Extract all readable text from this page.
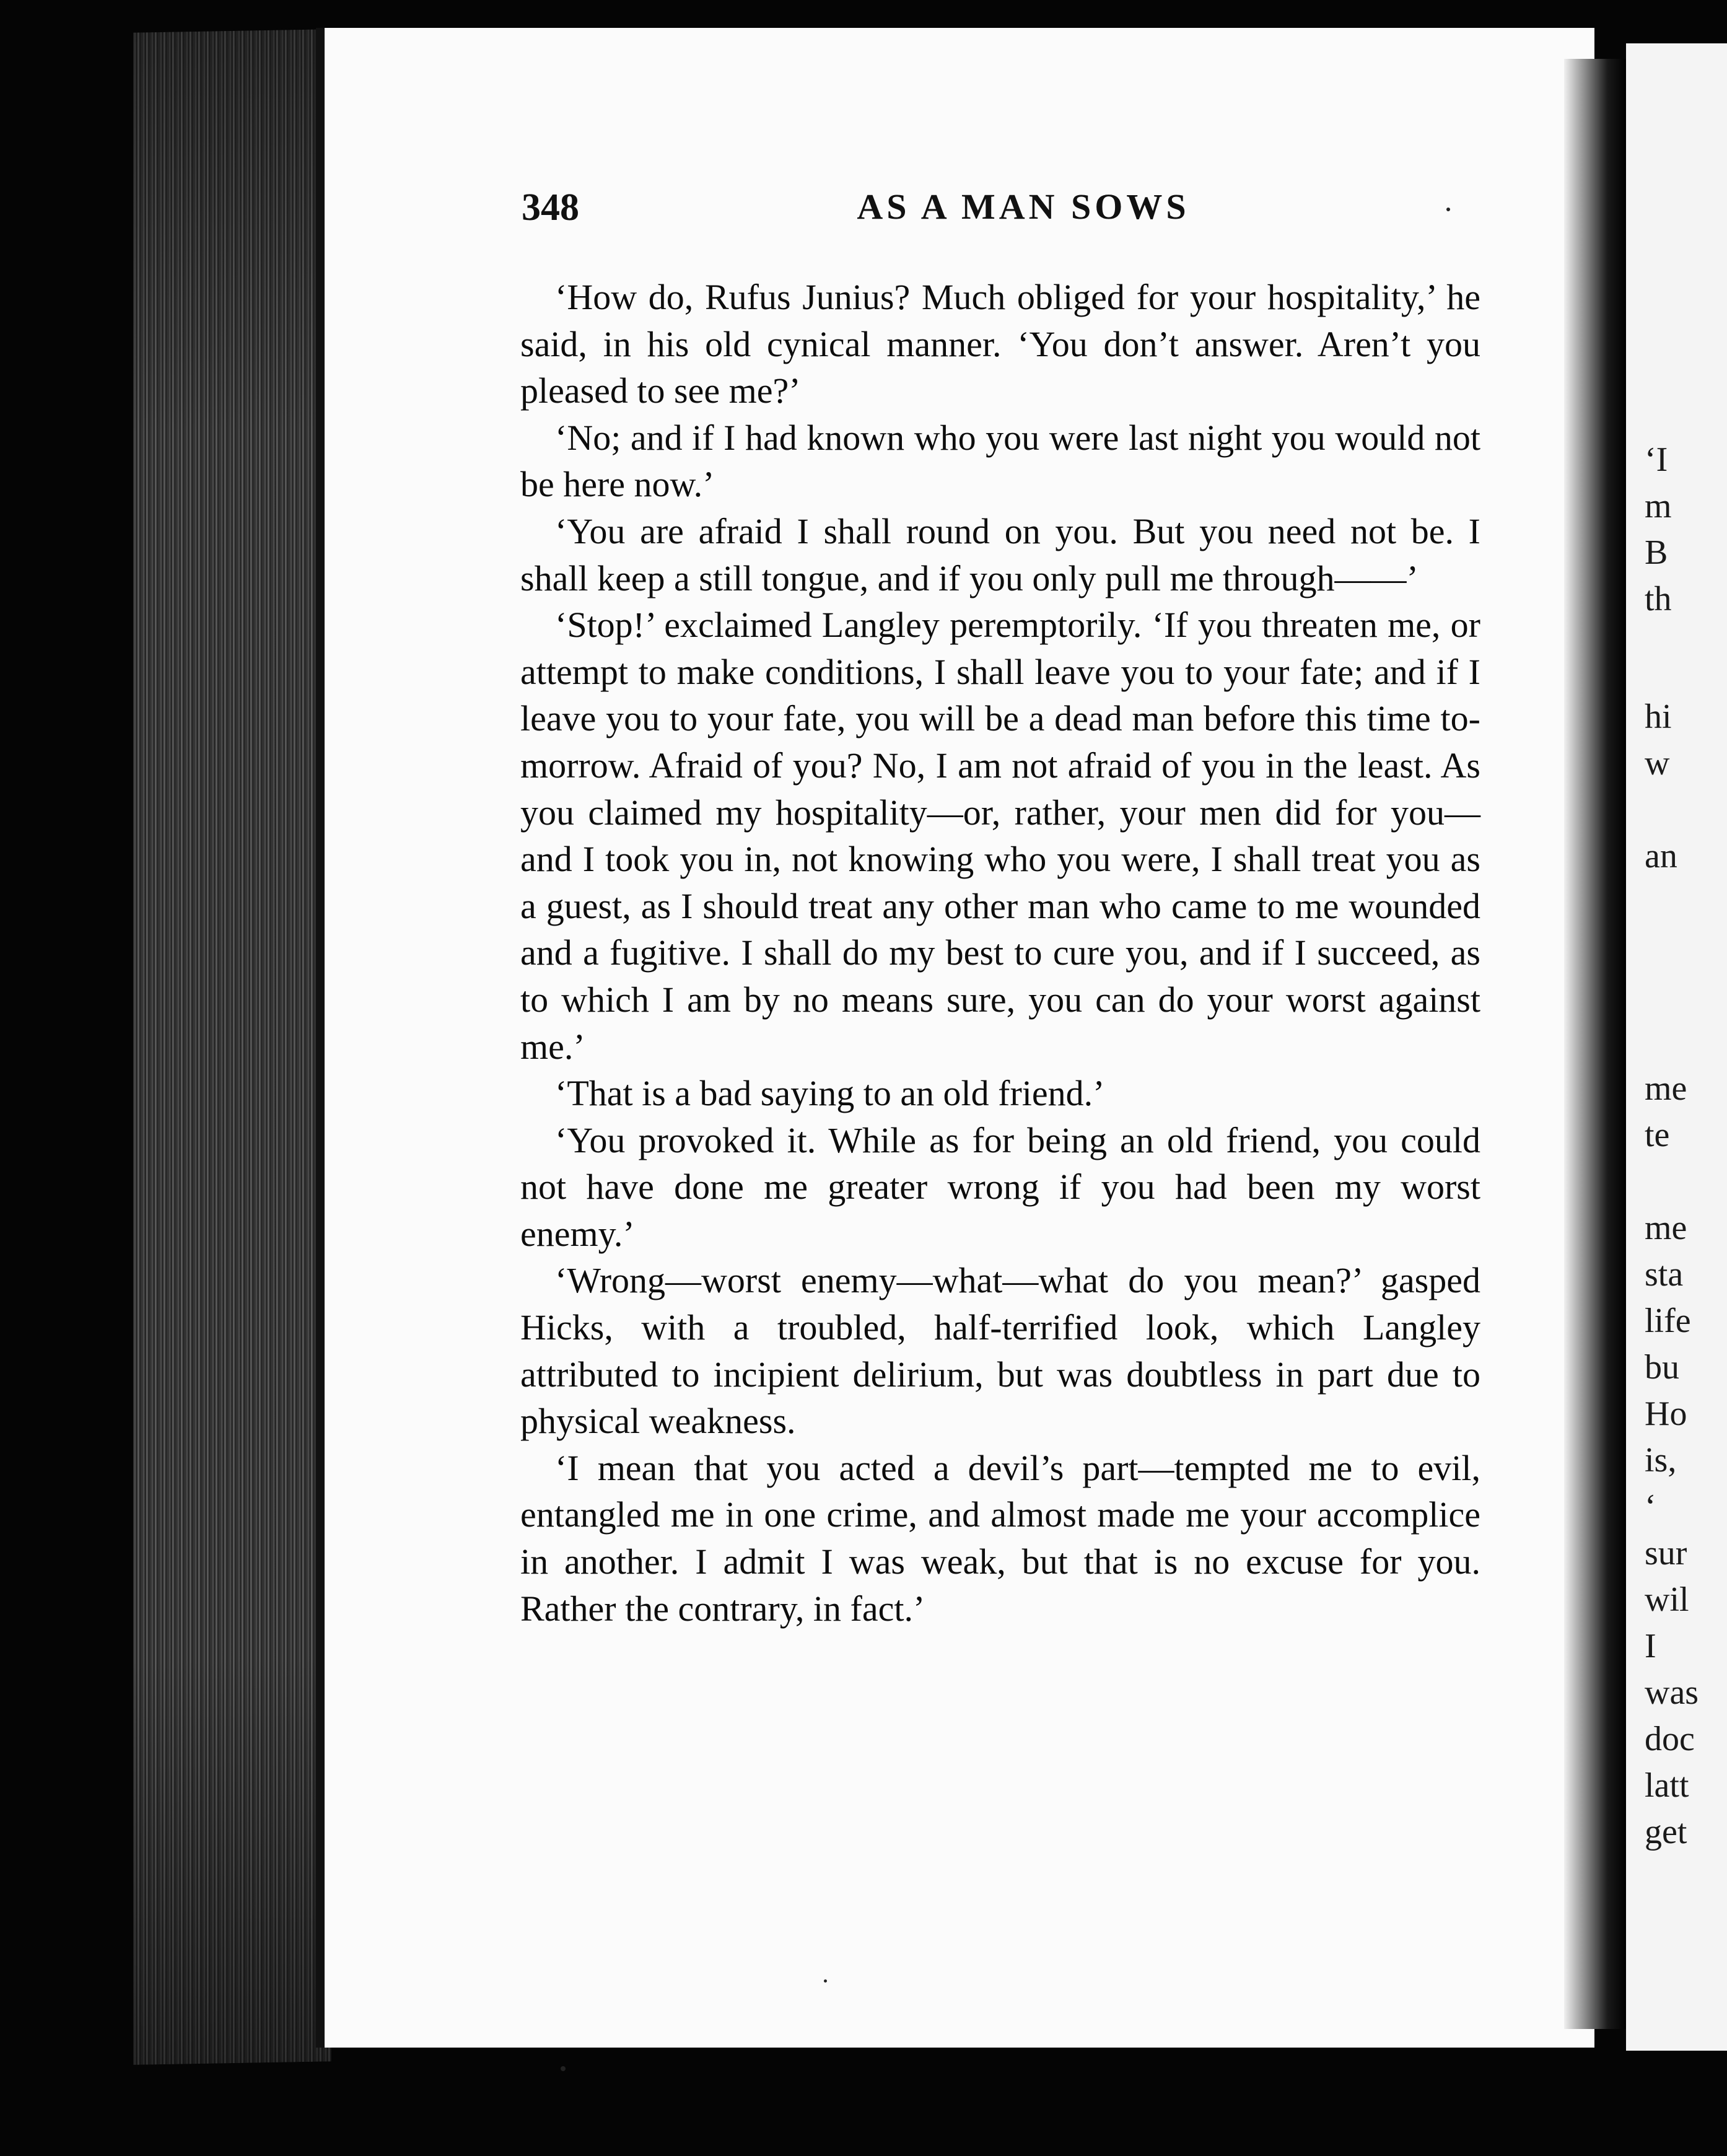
‘I
m
B
th
hi
w
an
me
te
me
sta
life
bu
Ho
is,
‘
sur
wil
I
was
doc
latt
get
348	AS A MAN SOWS

‘How do, Rufus Junius? Much obliged for your hospitality,’ he said, in his old cynical manner. ‘You don’t answer. Aren’t you pleased to see me?’

‘No; and if I had known who you were last night you would not be here now.’

‘You are afraid I shall round on you. But you need not be. I shall keep a still tongue, and if you only pull me through——’

‘Stop!’ exclaimed Langley peremptorily. ‘If you threaten me, or attempt to make conditions, I shall leave you to your fate; and if I leave you to your fate, you will be a dead man before this time to-morrow. Afraid of you? No, I am not afraid of you in the least. As you claimed my hospitality—or, rather, your men did for you—and I took you in, not knowing who you were, I shall treat you as a guest, as I should treat any other man who came to me wounded and a fugitive. I shall do my best to cure you, and if I succeed, as to which I am by no means sure, you can do your worst against me.’

‘That is a bad saying to an old friend.’

‘You provoked it. While as for being an old friend, you could not have done me greater wrong if you had been my worst enemy.’

‘Wrong—worst enemy—what—what do you mean?’ gasped Hicks, with a troubled, half-terrified look, which Langley attributed to incipient delirium, but was doubtless in part due to physical weakness.

‘I mean that you acted a devil’s part—tempted me to evil, entangled me in one crime, and almost made me your accomplice in another. I admit I was weak, but that is no excuse for you. Rather the contrary, in fact.’
